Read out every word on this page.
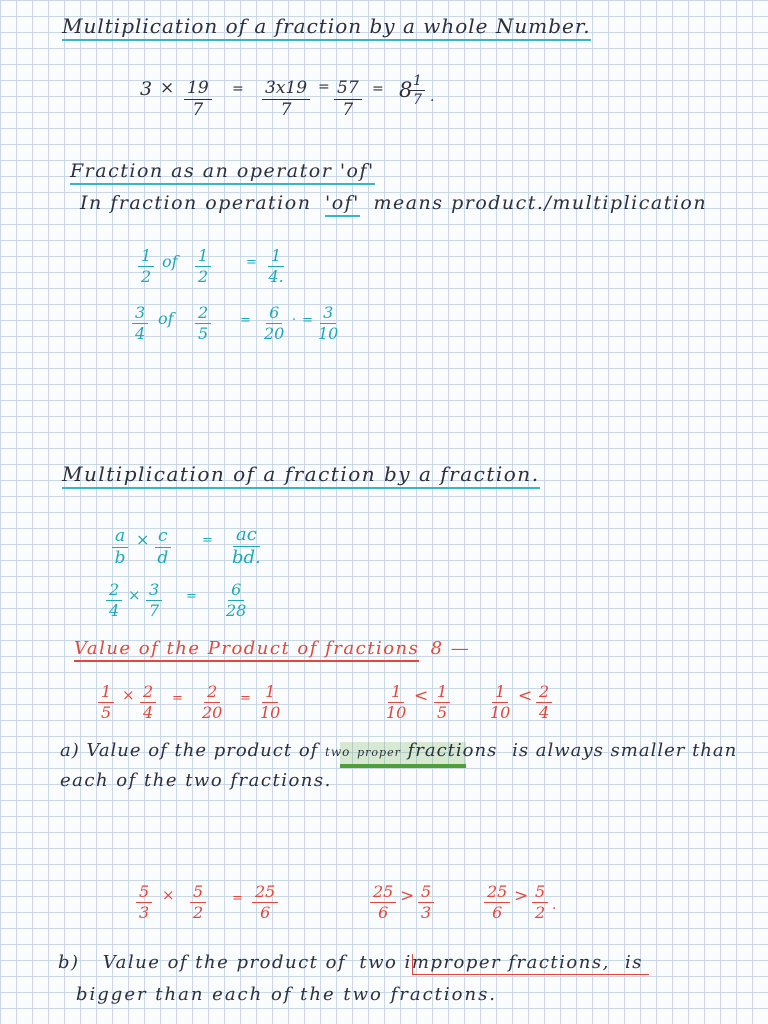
Multiplication of a fraction by a whole Number.
$3 \times \frac{19}{7} = \frac{3x19}{7} = \frac{57}{7} = 8$
$\frac{1}{7}$ .
Fraction as an operator 'of'
In fraction operation 'of' means product./multiplication
$\frac{1}{2}$ of $\frac{1}{2}$	= $\frac{1}{4.}$
$\frac{3}{4}$ of $\frac{2}{5} = \frac{6}{20}$ . = $\frac{3}{10}$
Multiplication of a fraction by a fraction.
$\frac{a}{b} \times \frac{c}{d} = \frac{ac}{bd.}$
$\frac{2}{4} \times \frac{3}{7} = \frac{6}{28}$
Value of the Product of fractions 8 —
$\frac{1}{5} \times \frac{2}{4} = \frac{2}{20} = \frac{1}{10}$	$\frac{1}{10} < \frac{1}{5} \frac{1}{10} < \frac{2}{4}$
a) Value of the product of two proper fractions is always smaller than
each of the two fractions.
$\frac{5}{3} \times \frac{5}{2} = \frac{25}{6}$	$\frac{25}{6} > \frac{5}{3}$	$\frac{25}{6} > \frac{5}{2}$ .
b) Value of the product of two improper fractions, is
bigger than each of the two fractions.
